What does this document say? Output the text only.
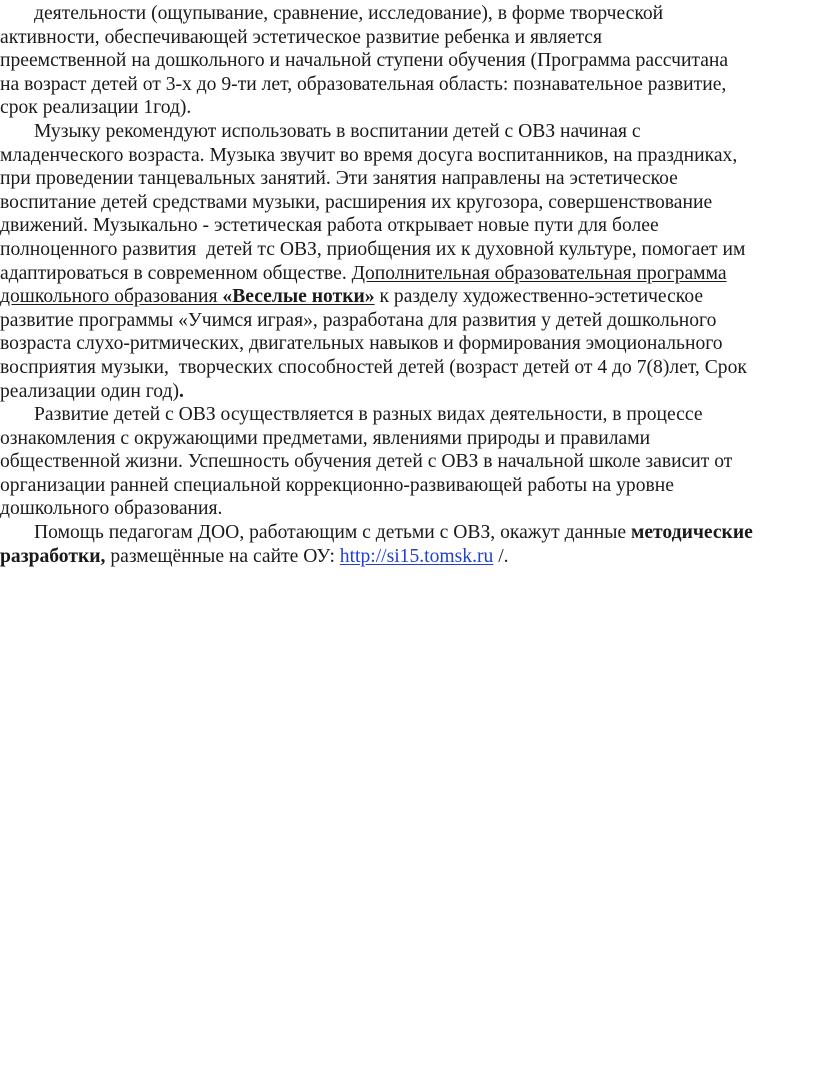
деятельности (ощупывание, сравнение, исследование), в форме творческой
активности, обеспечивающей эстетическое развитие ребенка и является
преемственной на дошкольного и начальной ступени обучения (Программа рассчитана
на возраст детей от 3-х до 9-ти лет, образовательная область: познавательное развитие,
срок реализации 1год).
Музыку рекомендуют использовать в воспитании детей с ОВЗ начиная с
младенческого возраста. Музыка звучит во время досуга воспитанников, на праздниках,
при проведении танцевальных занятий. Эти занятия направлены на эстетическое
воспитание детей средствами музыки, расширения их кругозора, совершенствование
движений. Музыкально - эстетическая работа открывает новые пути для более
полноценного развития  детей тс ОВЗ, приобщения их к духовной культуре, помогает им
адаптироваться в современном обществе. Дополнительная образовательная программа
дошкольного образования «Веселые нотки» к разделу художественно-эстетическое
развитие программы «Учимся играя», разработана для развития у детей дошкольного
возраста слухо-ритмических, двигательных навыков и формирования эмоционального
восприятия музыки,  творческих способностей детей (возраст детей от 4 до 7(8)лет, Срок
реализации один год).
Развитие детей с ОВЗ осуществляется в разных видах деятельности, в процессе
ознакомления с окружающими предметами, явлениями природы и правилами
общественной жизни. Успешность обучения детей с ОВЗ в начальной школе зависит от
организации ранней специальной коррекционно-развивающей работы на уровне
дошкольного образования.
Помощь педагогам ДОО, работающим с детьми с ОВЗ, окажут данные методические
разработки, размещённые на сайте ОУ: http://si15.tomsk.ru /.
